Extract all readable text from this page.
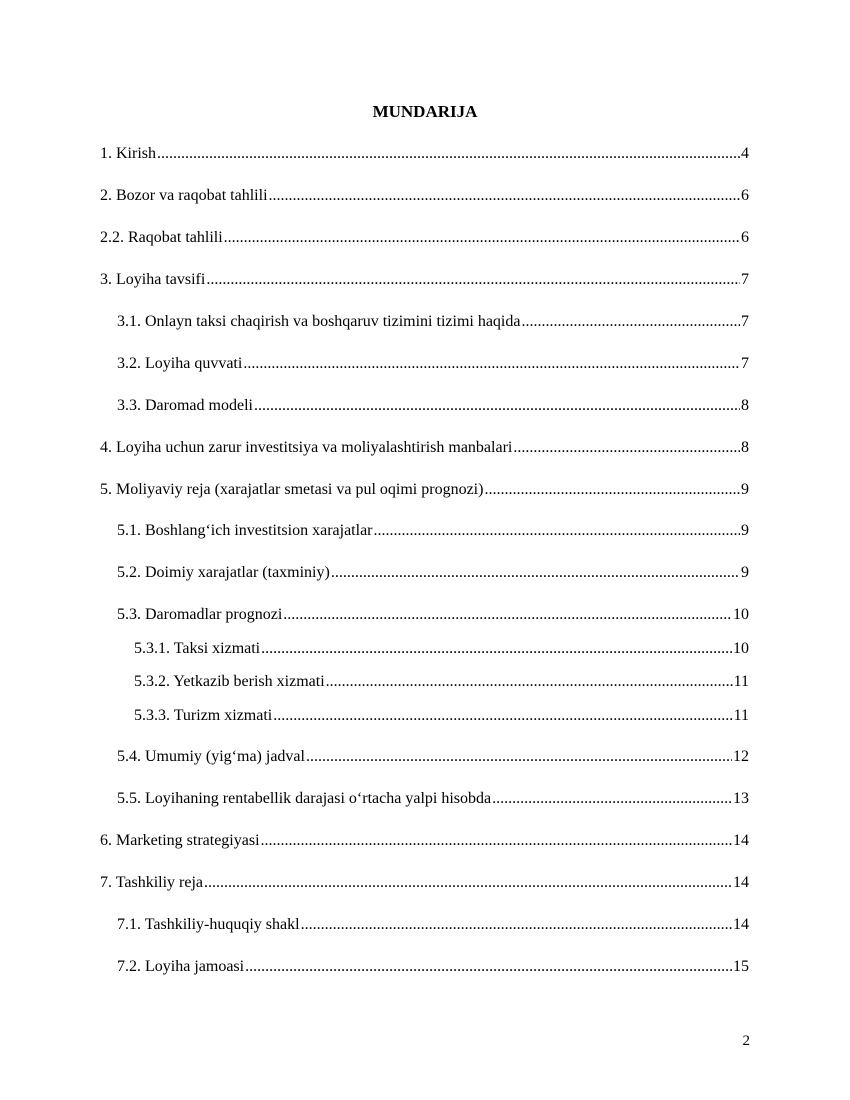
MUNDARIJA
1. Kirish .....	4
2. Bozor va raqobat tahlili .....	6
2.2. Raqobat tahlili .....	6
3. Loyiha tavsifi .....	7
3.1. Onlayn taksi chaqirish va boshqaruv tizimini tizimi haqida .....	7
3.2. Loyiha quvvati .....	7
3.3. Daromad modeli .....	8
4. Loyiha uchun zarur investitsiya va moliyalashtirish manbalari .....	8
5. Moliyaviy reja (xarajatlar smetasi va pul oqimi prognozi) .....	9
5.1. Boshlang‘ich investitsion xarajatlar .....	9
5.2. Doimiy xarajatlar (taxminiy) .....	9
5.3. Daromadlar prognozi .....	10
5.3.1. Taksi xizmati .....	10
5.3.2. Yetkazib berish xizmati .....	11
5.3.3. Turizm xizmati .....	11
5.4. Umumiy (yig‘ma) jadval .....	12
5.5. Loyihaning rentabellik darajasi o‘rtacha yalpi hisobda .....	13
6. Marketing strategiyasi .....	14
7. Tashkiliy reja .....	14
7.1. Tashkiliy-huquqiy shakl .....	14
7.2. Loyiha jamoasi .....	15
2
